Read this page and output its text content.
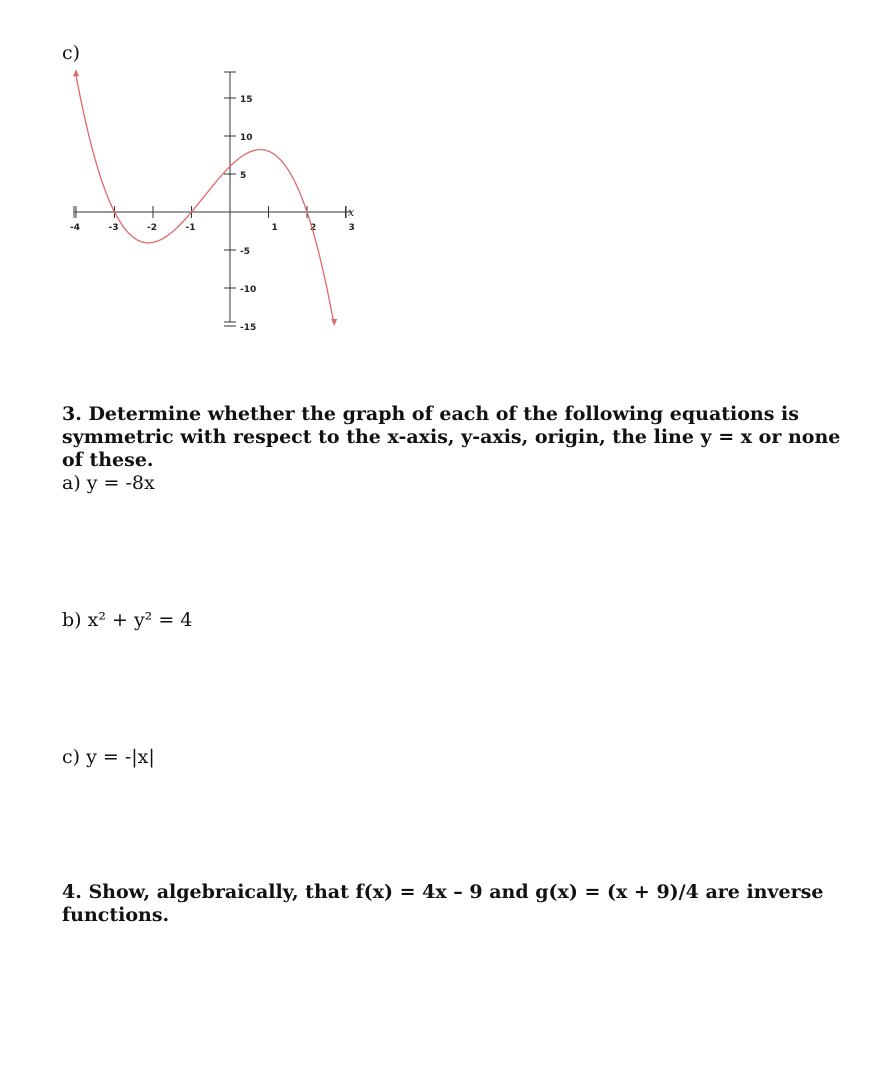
c)
-4	-3	-2	-1	1	2	3
15
10
5
-5
-10
-15
x
3. Determine whether the graph of each of the following equations is symmetric with respect to the x-axis, y-axis, origin, the line y = x or none of these.
a) y = -8x
b) x² + y² = 4
c) y = -|x|
4. Show, algebraically, that f(x) = 4x – 9 and g(x) = (x + 9)/4 are inverse functions.
